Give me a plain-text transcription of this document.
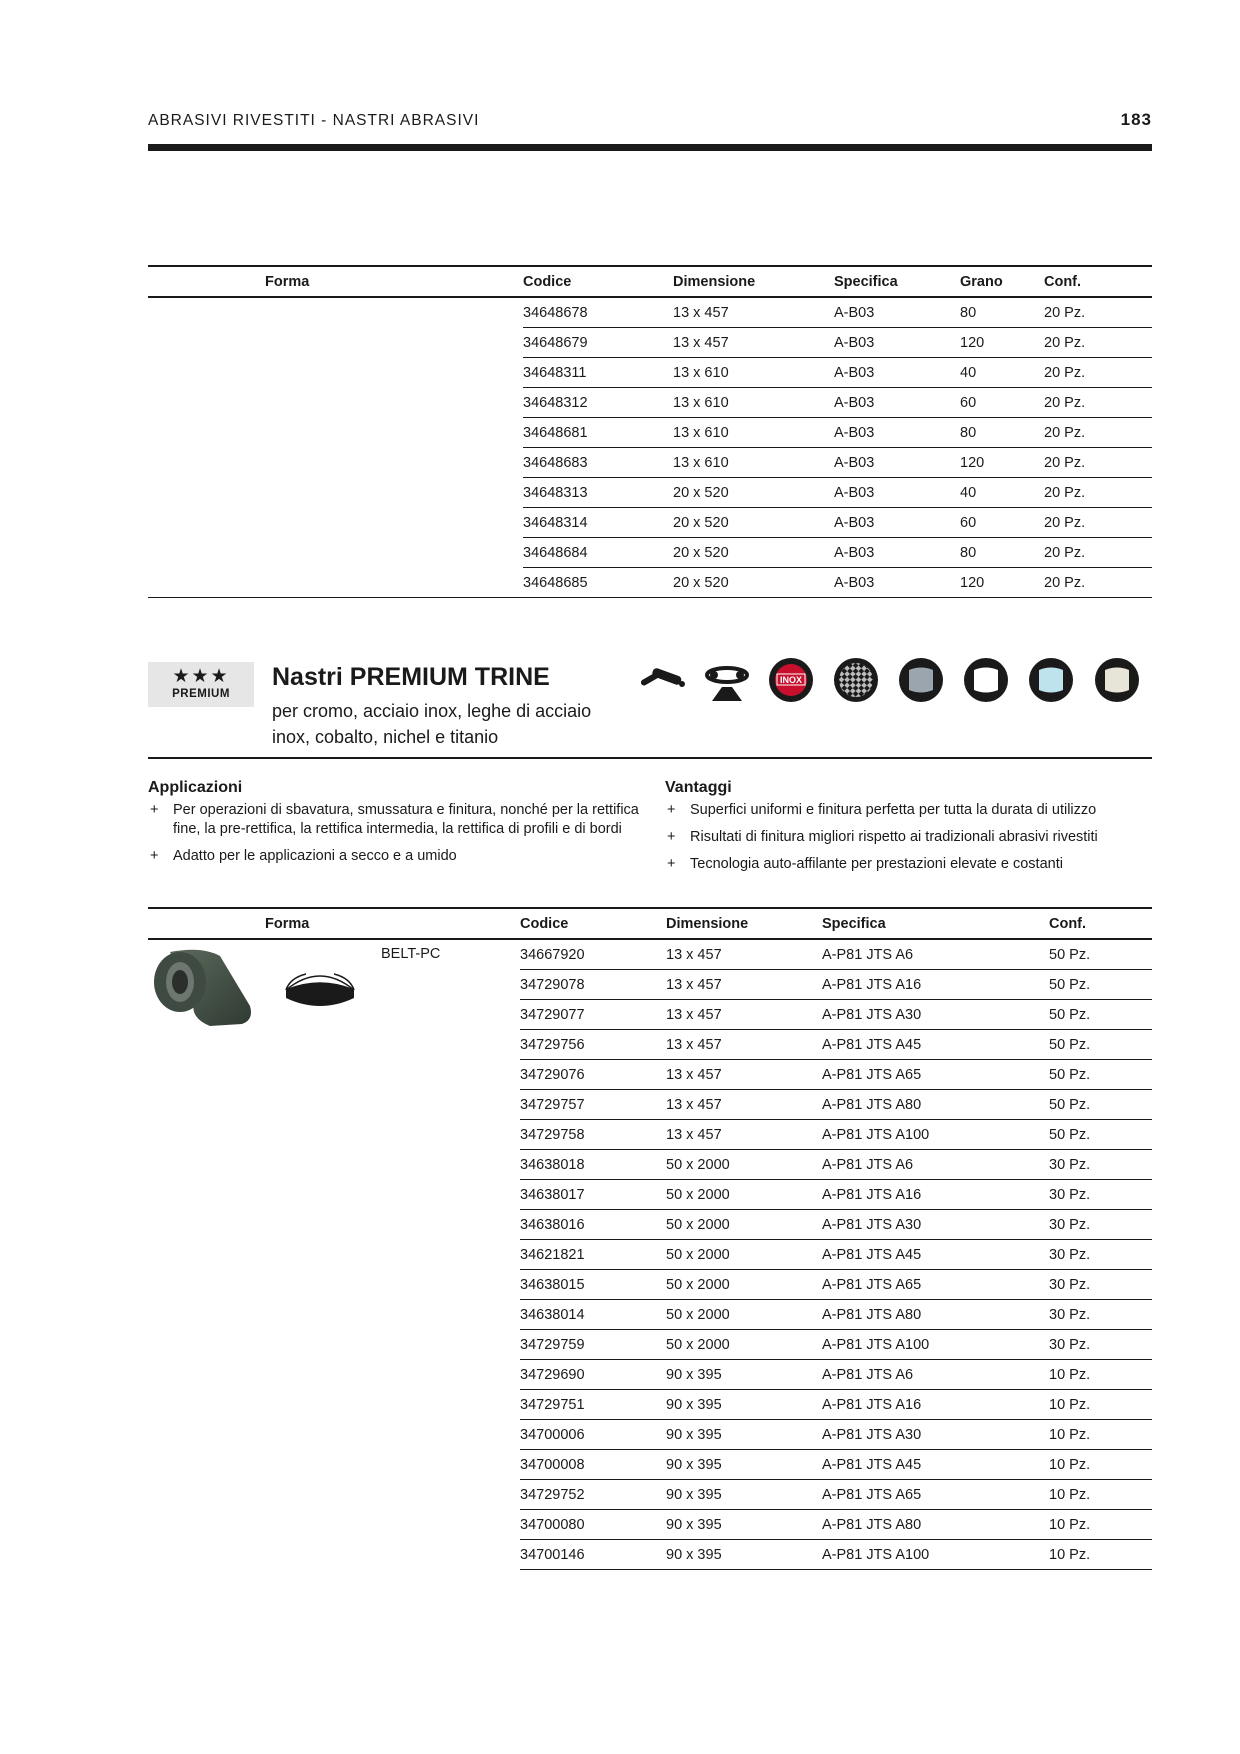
ABRASIVI RIVESTITI - NASTRI ABRASIVI	183
Forma	Codice	Dimensione	Specifica	Grano	Conf.
	34648678	13 x 457	A-B03	80	20 Pz.
	34648679	13 x 457	A-B03	120	20 Pz.
	34648311	13 x 610	A-B03	40	20 Pz.
	34648312	13 x 610	A-B03	60	20 Pz.
	34648681	13 x 610	A-B03	80	20 Pz.
	34648683	13 x 610	A-B03	120	20 Pz.
	34648313	20 x 520	A-B03	40	20 Pz.
	34648314	20 x 520	A-B03	60	20 Pz.
	34648684	20 x 520	A-B03	80	20 Pz.
	34648685	20 x 520	A-B03	120	20 Pz.
★★★
PREMIUM
Nastri PREMIUM TRINE
per cromo, acciaio inox, leghe di acciaio inox, cobalto, nichel e titanio
INOX
Applicazioni
+ Per operazioni di sbavatura, smussatura e finitura, nonché per la rettifica fine, la pre-rettifica, la rettifica intermedia, la rettifica di profili e di bordi
+ Adatto per le applicazioni a secco e a umido
Vantaggi
+ Superfici uniformi e finitura perfetta per tutta la durata di utilizzo
+ Risultati di finitura migliori rispetto ai tradizionali abrasivi rivestiti
+ Tecnologia auto-affilante per prestazioni elevate e costanti
Forma	Codice	Dimensione	Specifica	Conf.

BELT-PC	34667920	13 x 457	A-P81 JTS A6	50 Pz.
	34729078	13 x 457	A-P81 JTS A16	50 Pz.
	34729077	13 x 457	A-P81 JTS A30	50 Pz.
	34729756	13 x 457	A-P81 JTS A45	50 Pz.
	34729076	13 x 457	A-P81 JTS A65	50 Pz.
	34729757	13 x 457	A-P81 JTS A80	50 Pz.
	34729758	13 x 457	A-P81 JTS A100	50 Pz.
	34638018	50 x 2000	A-P81 JTS A6	30 Pz.
	34638017	50 x 2000	A-P81 JTS A16	30 Pz.
	34638016	50 x 2000	A-P81 JTS A30	30 Pz.
	34621821	50 x 2000	A-P81 JTS A45	30 Pz.
	34638015	50 x 2000	A-P81 JTS A65	30 Pz.
	34638014	50 x 2000	A-P81 JTS A80	30 Pz.
	34729759	50 x 2000	A-P81 JTS A100	30 Pz.
	34729690	90 x 395	A-P81 JTS A6	10 Pz.
	34729751	90 x 395	A-P81 JTS A16	10 Pz.
	34700006	90 x 395	A-P81 JTS A30	10 Pz.
	34700008	90 x 395	A-P81 JTS A45	10 Pz.
	34729752	90 x 395	A-P81 JTS A65	10 Pz.
	34700080	90 x 395	A-P81 JTS A80	10 Pz.
	34700146	90 x 395	A-P81 JTS A100	10 Pz.
